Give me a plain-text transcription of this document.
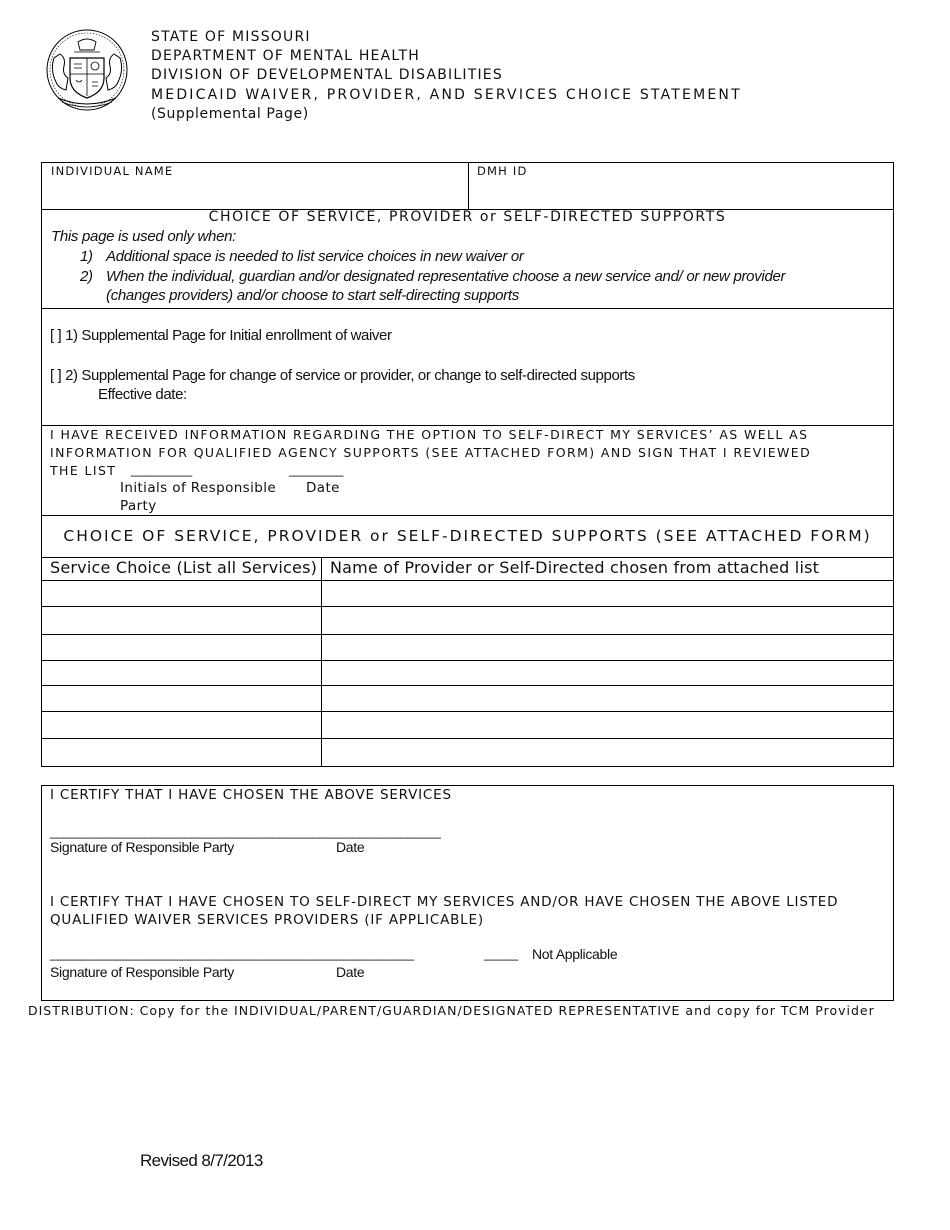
STATE OF MISSOURI
DEPARTMENT OF MENTAL HEALTH
DIVISION OF DEVELOPMENTAL DISABILITIES
MEDICAID WAIVER, PROVIDER, AND SERVICES CHOICE STATEMENT
(Supplemental Page)
INDIVIDUAL NAME	DMH ID
CHOICE OF SERVICE, PROVIDER or SELF-DIRECTED SUPPORTS
This page is used only when:
1) Additional space is needed to list service choices in new waiver or
2) When the individual, guardian and/or designated representative choose a new service and/ or new provider
(changes providers) and/or choose to start self-directing supports
[ ] 1) Supplemental Page for Initial enrollment of waiver
[ ] 2) Supplemental Page for change of service or provider, or change to self-directed supports
Effective date:
I HAVE RECEIVED INFORMATION REGARDING THE OPTION TO SELF-DIRECT MY SERVICES’ AS WELL AS
INFORMATION FOR QUALIFIED AGENCY SUPPORTS (SEE ATTACHED FORM) AND SIGN THAT I REVIEWED
THE LIST _________	________
Initials of Responsible
Party
Date
CHOICE OF SERVICE, PROVIDER or SELF-DIRECTED SUPPORTS (SEE ATTACHED FORM)
Service Choice (List all Services) Name of Provider or Self-Directed chosen from attached list
I CERTIFY THAT I HAVE CHOSEN THE ABOVE SERVICES
__________________________________________________________
Signature of Responsible Party	Date
I CERTIFY THAT I HAVE CHOSEN TO SELF-DIRECT MY SERVICES AND/OR HAVE CHOSEN THE ABOVE LISTED
QUALIFIED WAIVER SERVICES PROVIDERS (IF APPLICABLE)
______________________________________________________	_____ Not Applicable
Signature of Responsible Party	Date
DISTRIBUTION: Copy for the INDIVIDUAL/PARENT/GUARDIAN/DESIGNATED REPRESENTATIVE and copy for TCM Provider
Revised 8/7/2013
